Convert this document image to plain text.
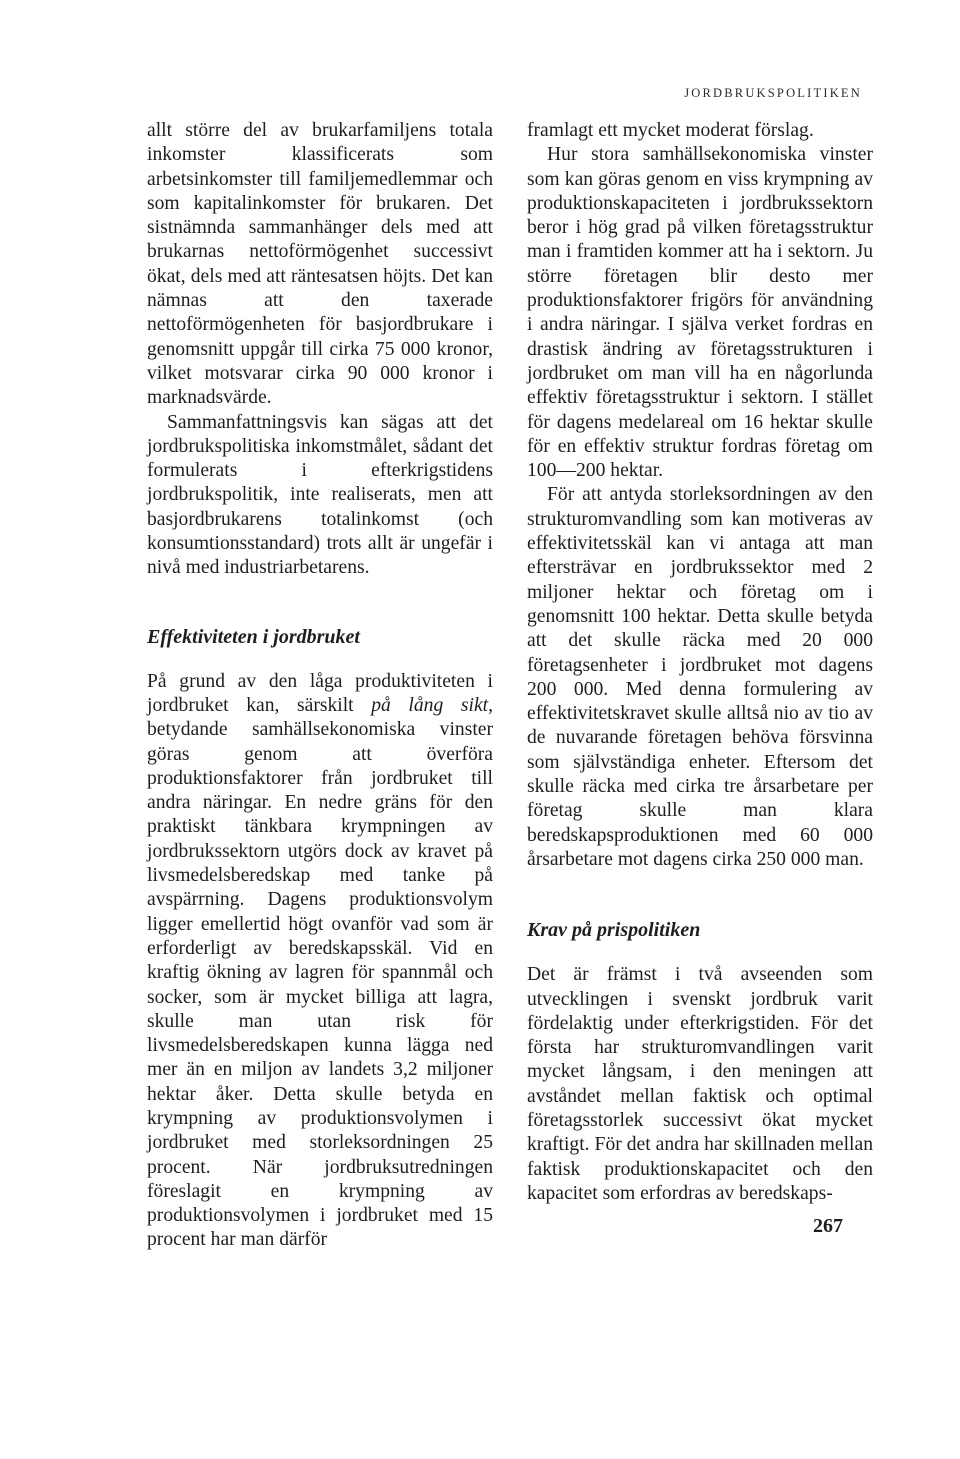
JORDBRUKSPOLITIKEN

allt större del av brukarfamiljens totala inkomster klassificerats som arbetsinkomster till familjemedlemmar och som kapitalinkomster för brukaren. Det sistnämnda sammanhänger dels med att brukarnas nettoförmögenhet successivt ökat, dels med att räntesatsen höjts. Det kan nämnas att den taxerade nettoförmögenheten för basjordbrukare i genomsnitt uppgår till cirka 75 000 kronor, vilket motsvarar cirka 90 000 kronor i marknadsvärde.

Sammanfattningsvis kan sägas att det jordbrukspolitiska inkomstmålet, sådant det formulerats i efterkrigstidens jordbrukspolitik, inte realiserats, men att basjordbrukarens totalinkomst (och konsumtionsstandard) trots allt är ungefär i nivå med industriarbetarens.

Effektiviteten i jordbruket

På grund av den låga produktiviteten i jordbruket kan, särskilt på lång sikt, betydande samhällsekonomiska vinster göras genom att överföra produktionsfaktorer från jordbruket till andra näringar. En nedre gräns för den praktiskt tänkbara krympningen av jordbrukssektorn utgörs dock av kravet på livsmedelsberedskap med tanke på avspärrning. Dagens produktionsvolym ligger emellertid högt ovanför vad som är erforderligt av beredskapsskäl. Vid en kraftig ökning av lagren för spannmål och socker, som är mycket billiga att lagra, skulle man utan risk för livsmedelsberedskapen kunna lägga ned mer än en miljon av landets 3,2 miljoner hektar åker. Detta skulle betyda en krympning av produktionsvolymen i jordbruket med storleksordningen 25 procent. När jordbruksutredningen föreslagit en krympning av produktionsvolymen i jordbruket med 15 procent har man därför

framlagt ett mycket moderat förslag.

Hur stora samhällsekonomiska vinster som kan göras genom en viss krympning av produktionskapaciteten i jordbrukssektorn beror i hög grad på vilken företagsstruktur man i framtiden kommer att ha i sektorn. Ju större företagen blir desto mer produktionsfaktorer frigörs för användning i andra näringar. I själva verket fordras en drastisk ändring av företagsstrukturen i jordbruket om man vill ha en någorlunda effektiv företagsstruktur i sektorn. I stället för dagens medelareal om 16 hektar skulle för en effektiv struktur fordras företag om 100—200 hektar.

För att antyda storleksordningen av den strukturomvandling som kan motiveras av effektivitetsskäl kan vi antaga att man eftersträvar en jordbrukssektor med 2 miljoner hektar och företag om i genomsnitt 100 hektar. Detta skulle betyda att det skulle räcka med 20 000 företagsenheter i jordbruket mot dagens 200 000. Med denna formulering av effektivitetskravet skulle alltså nio av tio av de nuvarande företagen behöva försvinna som självständiga enheter. Eftersom det skulle räcka med cirka tre årsarbetare per företag skulle man klara beredskapsproduktionen med 60 000 årsarbetare mot dagens cirka 250 000 man.

Krav på prispolitiken

Det är främst i två avseenden som utvecklingen i svenskt jordbruk varit fördelaktig under efterkrigstiden. För det första har strukturomvandlingen varit mycket långsam, i den meningen att avståndet mellan faktisk och optimal företagsstorlek successivt ökat mycket kraftigt. För det andra har skillnaden mellan faktisk produktionskapacitet och den kapacitet som erfordras av beredskaps-

267
